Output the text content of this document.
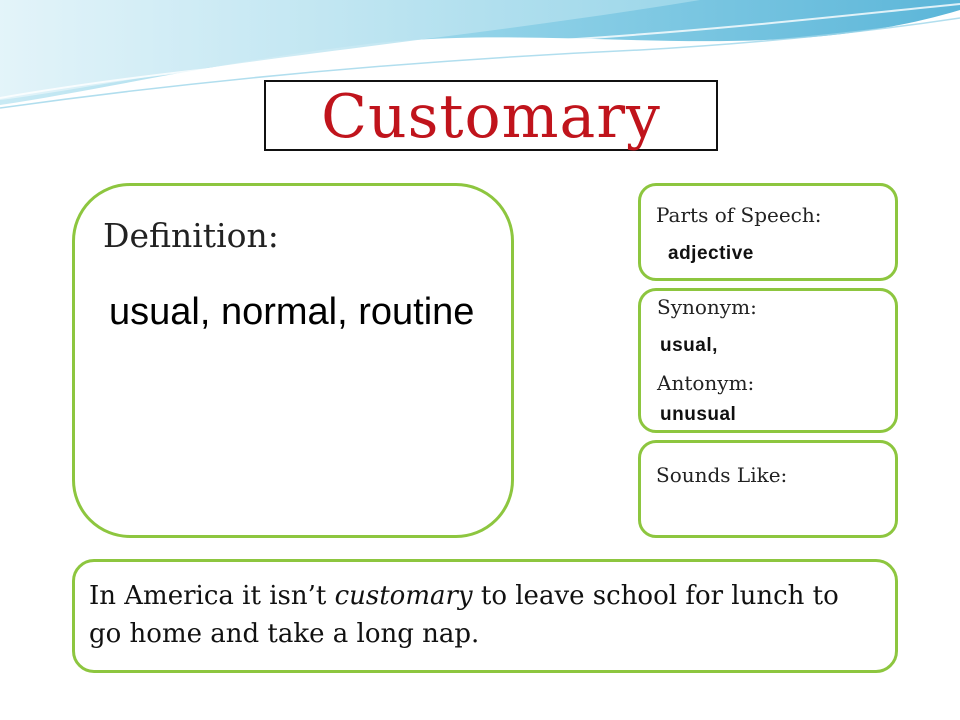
Customary
Definition:
usual, normal, routine
Parts of Speech:
adjective
Synonym:
usual,
Antonym:
unusual
Sounds Like:
In America it isn’t customary to leave school for lunch to go home and take a long nap.
